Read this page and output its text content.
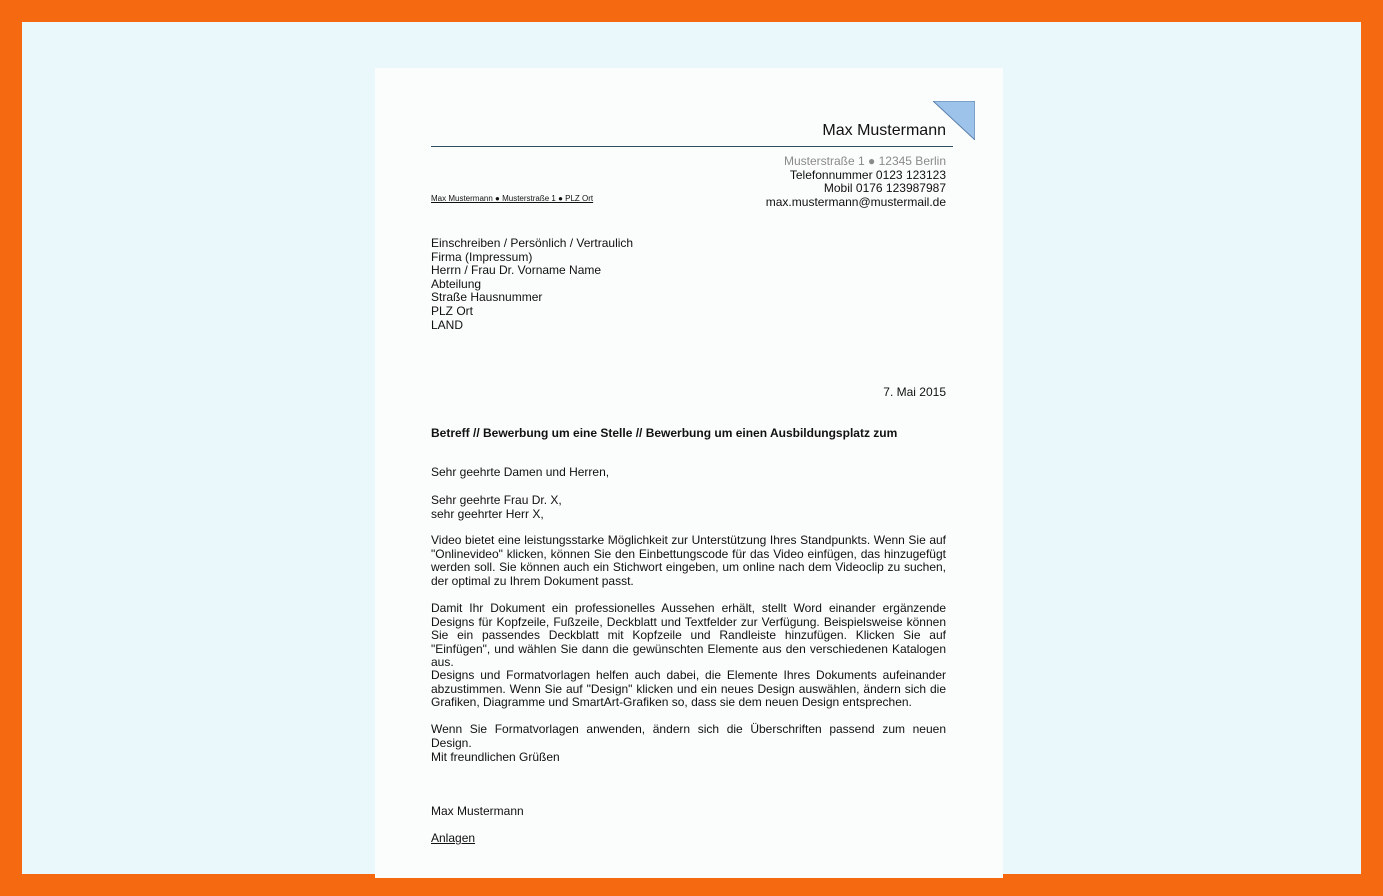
Max Mustermann
Musterstraße 1 ● 12345 Berlin
Telefonnummer 0123 123123
Mobil 0176 123987987
max.mustermann@mustermail.de
Max Mustermann ● Musterstraße 1 ● PLZ Ort
Einschreiben / Persönlich / Vertraulich
Firma (Impressum)
Herrn / Frau Dr. Vorname Name
Abteilung
Straße Hausnummer
PLZ Ort
LAND
7. Mai 2015
Betreff // Bewerbung um eine Stelle // Bewerbung um einen Ausbildungsplatz zum
Sehr geehrte Damen und Herren,
Sehr geehrte Frau Dr. X,
sehr geehrter Herr X,

Video bietet eine leistungsstarke Möglichkeit zur Unterstützung Ihres Standpunkts. Wenn Sie auf "Onlinevideo" klicken, können Sie den Einbettungscode für das Video einfügen, das hinzugefügt werden soll. Sie können auch ein Stichwort eingeben, um online nach dem Videoclip zu suchen, der optimal zu Ihrem Dokument passt.

Damit Ihr Dokument ein professionelles Aussehen erhält, stellt Word einander ergänzende Designs für Kopfzeile, Fußzeile, Deckblatt und Textfelder zur Verfügung. Beispielsweise können Sie ein passendes Deckblatt mit Kopfzeile und Randleiste hinzufügen. Klicken Sie auf "Einfügen", und wählen Sie dann die gewünschten Elemente aus den verschiedenen Katalogen aus.

Designs und Formatvorlagen helfen auch dabei, die Elemente Ihres Dokuments aufeinander abzustimmen. Wenn Sie auf "Design" klicken und ein neues Design auswählen, ändern sich die Grafiken, Diagramme und SmartArt-Grafiken so, dass sie dem neuen Design entsprechen.

Wenn Sie Formatvorlagen anwenden, ändern sich die Überschriften passend zum neuen Design.

Mit freundlichen Grüßen
Max Mustermann
Anlagen
